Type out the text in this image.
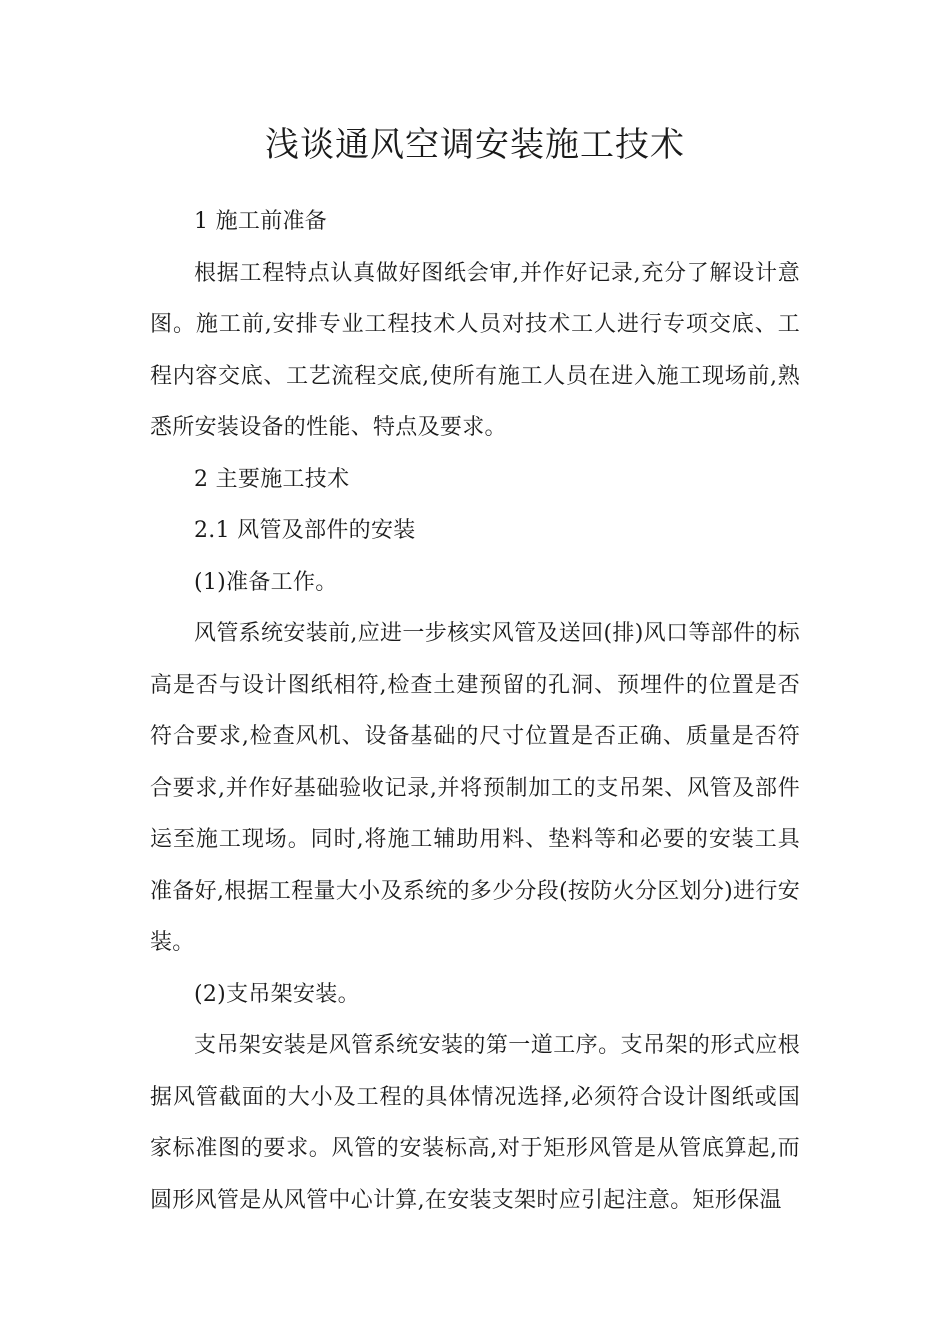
浅谈通风空调安装施工技术

1 施工前准备

根据工程特点认真做好图纸会审,并作好记录,充分了解设计意图。施工前,安排专业工程技术人员对技术工人进行专项交底、工程内容交底、工艺流程交底,使所有施工人员在进入施工现场前,熟悉所安装设备的性能、特点及要求。

2 主要施工技术

2.1 风管及部件的安装

(1)准备工作。

风管系统安装前,应进一步核实风管及送回(排)风口等部件的标高是否与设计图纸相符,检查土建预留的孔洞、预埋件的位置是否符合要求,检查风机、设备基础的尺寸位置是否正确、质量是否符合要求,并作好基础验收记录,并将预制加工的支吊架、风管及部件运至施工现场。同时,将施工辅助用料、垫料等和必要的安装工具准备好,根据工程量大小及系统的多少分段(按防火分区划分)进行安装。

(2)支吊架安装。

支吊架安装是风管系统安装的第一道工序。支吊架的形式应根据风管截面的大小及工程的具体情况选择,必须符合设计图纸或国家标准图的要求。风管的安装标高,对于矩形风管是从管底算起,而圆形风管是从风管中心计算,在安装支架时应引起注意。矩形保温
